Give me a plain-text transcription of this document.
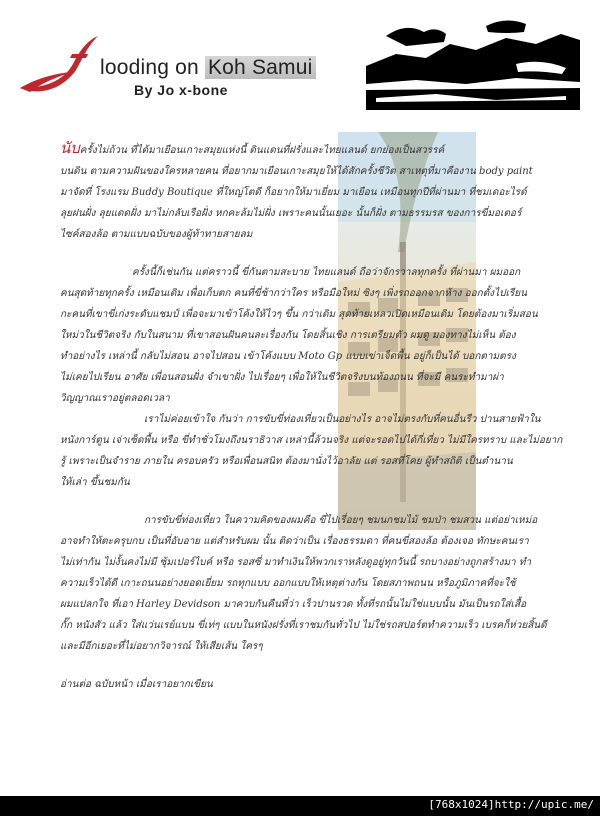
looding on Koh Samui
By Jo x-bone

นับครั้งไม่ถ้วน ที่ได้มาเยือนเกาะสมุยแห่งนี้ ดินแดนที่ฝรั่งและไทยแลนด์ ยกย่องเป็นสวรรค์

บนดิน ตามความฝันของใครหลายคน ที่อยากมาเยือนเกาะสมุยให้ได้สักครั้งชีวิต สาเหตุที่มาคืองาน body paint

มาจัดที่ โรงแรม Buddy Boutique ที่ใหญ่โตดี ก็อยากให้มาเยี่ยม มาเยือน เหมือนทุกปีที่ผ่านมา ที่ชมเดอะไรด์

ลุยฝนฝั่ง ลุยแดดฝั่ง มาไม่กลับเรือฝั่ง หกคะล้มไม่ฝั่ง เพราะคนนั้นเยอะ นั้นก็ฝั่ง ตามธรรมรส ของการขี่มอเตอร์

ไซค์สองล้อ ตามแบบฉบับของผู้ท้าทายสายลม

ครั้งนี้ก็เช่นกัน แต่คราวนี้ ขี่กันตามสะบาย ไทยแลนด์ ถือว่าจักรวาลทุกครั้ง ที่ผ่านมา ผมออก

คนสุดท้ายทุกครั้ง เหมือนเดิม เพื่อเก็บตก คนที่ขี่ช้ากว่าใคร หรือมือใหม่ ซิงๆ เพิ่งรถออกจากห้าง ออกตั้งไปเรียน

กะคนที่เขาขี่เก่งระดับแชมป์ เพื่อจะมาเข้าโค้งให้ไวๆ ขึ้น กว่าเดิม สุดท้ายเหลวเปิดเหมือนเดิม โดยต้องมาเริ่มสอน

ใหม่วในชีวิตจริง กับในสนาม ที่เขาสอนฝันคนละเรื่องกัน โดยสิ้นเชิง การเตรียมตัว ผมดู มองทางไม่เห็น ต้อง

ทำอย่างไร เหล่านี้ กลับไม่สอน อาจไปสอน เข้าโค้งแบบ Moto Gp แบบเข่าเจ็ดพื้น อยู่ก็เป็นได้ บอกตามตรง

ไม่เคยไปเรียน อาศัย เพื่อนสอนฝั่ง จำเขาฝั่ง ไปเรื่อยๆ เพื่อให้ในชีวิตจริงบนท้องถนน ที่จะมี คนระทำมาผ่า

วิญญาณเราอยู่ตลอดเวลา

เราไม่ค่อยเข้าใจ กันว่า การขับขี่ท่องเที่ยวเป็นอย่างไร อาจไม่ตรงกับที่คนอื่นรีว ปานสายฟ้าใน

หนังการ์ตูน เจ่าเซ็ดพื้น หรือ ขี่ทำชั่วโมงถึงนราธิวาส เหล่านี้ล้วนจริง แต่จะรอดไปได้กี่เที่ยว ไม่มีใครทราบ และไม่อยาก

รู้ เพราะเป็นจำราย ภายใน ครอบครัว หรือเพื่อนสนิท ต้องมานั่งไว้อาลัย แต่ รอสที่โคย ผู้ทำสถิติ เป็นตำนาน

ให้เล่า ขึ้นชมกัน

การขับขี่ท่องเที่ยว ในความคิดของผมคือ ขี่ไปเรื่อยๆ ชมนกชมไม้ ชมป่า ชมสวน แต่อย่าเหม่อ

อาจทำให้ตะครุบกบ เป็นที่อับอาย แต่สำหรับผม นั้น ติดว่าเป็น เรื่องธรรมดา ที่คนขี่สองล้อ ต้องเจอ ทักษะคนเรา

ไม่เท่ากัน ไม่งั้นคงไม่มี ซุ้มเปอร์ไบค์ หรือ รอสซี่ มาทำเงินให้พวกเราหลังดูอยู่ทุกวันนี้ รถบางอย่างถูกสร้างมา ทำ

ความเร็วได้ดี เกาะถนนอย่างยอดเยี่ยม รถทุกแบบ ออกแบบให้เหตุต่างกัน โดยสภาพถนน หรือภูมิภาคที่จะใช้

ผมแปลกใจ ที่เอา Harley Devidson มาควบกันคืนที่ว่า เร็วปานรวด ทั้งที่รถนั้นไม่ใช่แบบนั้น มันเป็นรถใส่เสื้อ

กั๊ก หนังสัว แล้ว ใส่แว่นเรย์แบน ขี่เท่ๆ แบบในหนังฝรั่งที่เราชมกันทั่วไป ไม่ใช่รถสปอร์ตทำความเร็ว เบรคก็ห่วยสิ้นดี

และมีอีกเยอะที่ไม่อยากวิจารณ์ ให้เสียเส้น ใครๆ

อ่านต่อ ฉบับหน้า เมื่อเราอยากเขียน

[768x1024]http://upic.me/
